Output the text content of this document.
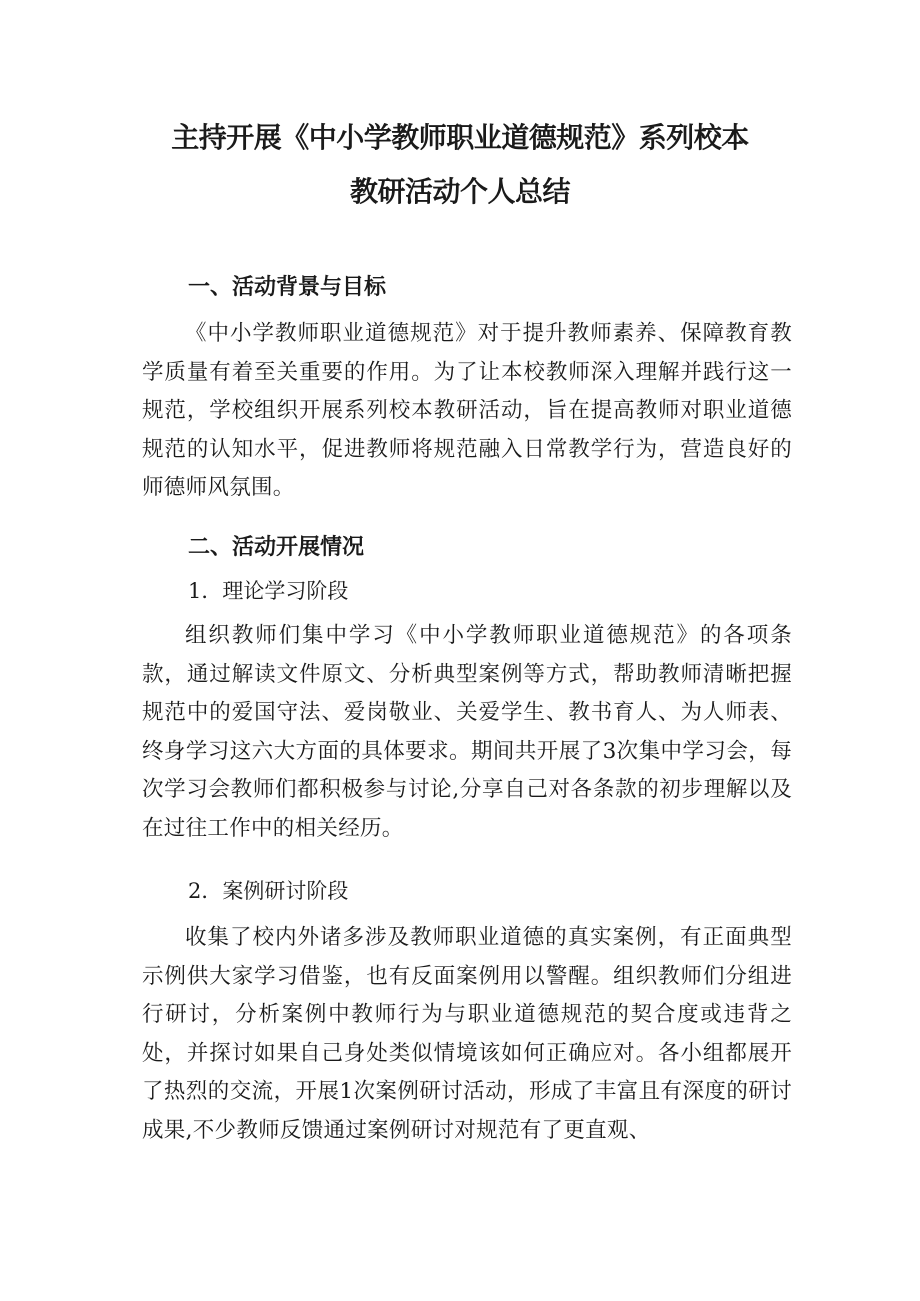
主持开展《中小学教师职业道德规范》系列校本
教研活动个人总结
一、活动背景与目标

《中小学教师职业道德规范》对于提升教师素养、保障教育教学质量有着至关重要的作用。为了让本校教师深入理解并践行这一规范，学校组织开展系列校本教研活动，旨在提高教师对职业道德规范的认知水平，促进教师将规范融入日常教学行为，营造良好的师德师风氛围。

二、活动开展情况
1．理论学习阶段

组织教师们集中学习《中小学教师职业道德规范》的各项条款，通过解读文件原文、分析典型案例等方式，帮助教师清晰把握规范中的爱国守法、爱岗敬业、关爱学生、教书育人、为人师表、终身学习这六大方面的具体要求。期间共开展了3次集中学习会，每次学习会教师们都积极参与讨论,分享自己对各条款的初步理解以及在过往工作中的相关经历。

2．案例研讨阶段

收集了校内外诸多涉及教师职业道德的真实案例，有正面典型示例供大家学习借鉴，也有反面案例用以警醒。组织教师们分组进行研讨，分析案例中教师行为与职业道德规范的契合度或违背之处，并探讨如果自己身处类似情境该如何正确应对。各小组都展开了热烈的交流，开展1次案例研讨活动，形成了丰富且有深度的研讨成果,不少教师反馈通过案例研讨对规范有了更直观、
